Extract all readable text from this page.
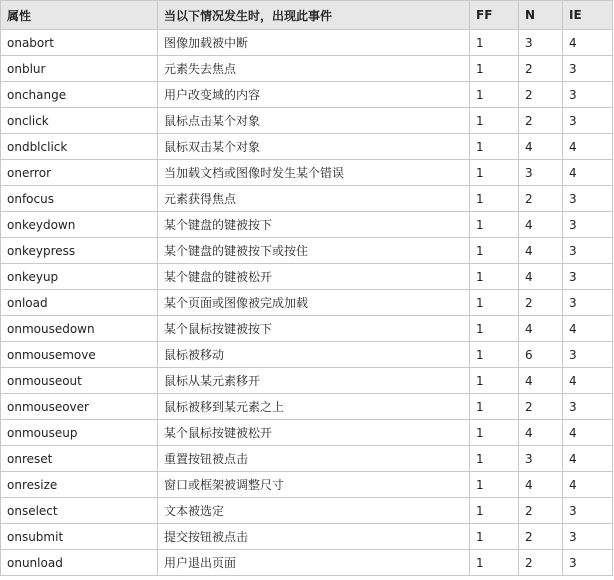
属性	当以下情况发生时，出现此事件	FF	N	IE
onabort	图像加载被中断	1	3	4
onblur	元素失去焦点	1	2	3
onchange	用户改变域的内容	1	2	3
onclick	鼠标点击某个对象	1	2	3
ondblclick	鼠标双击某个对象	1	4	4
onerror	当加载文档或图像时发生某个错误	1	3	4
onfocus	元素获得焦点	1	2	3
onkeydown	某个键盘的键被按下	1	4	3
onkeypress	某个键盘的键被按下或按住	1	4	3
onkeyup	某个键盘的键被松开	1	4	3
onload	某个页面或图像被完成加载	1	2	3
onmousedown	某个鼠标按键被按下	1	4	4
onmousemove	鼠标被移动	1	6	3
onmouseout	鼠标从某元素移开	1	4	4
onmouseover	鼠标被移到某元素之上	1	2	3
onmouseup	某个鼠标按键被松开	1	4	4
onreset	重置按钮被点击	1	3	4
onresize	窗口或框架被调整尺寸	1	4	4
onselect	文本被选定	1	2	3
onsubmit	提交按钮被点击	1	2	3
onunload	用户退出页面	1	2	3
